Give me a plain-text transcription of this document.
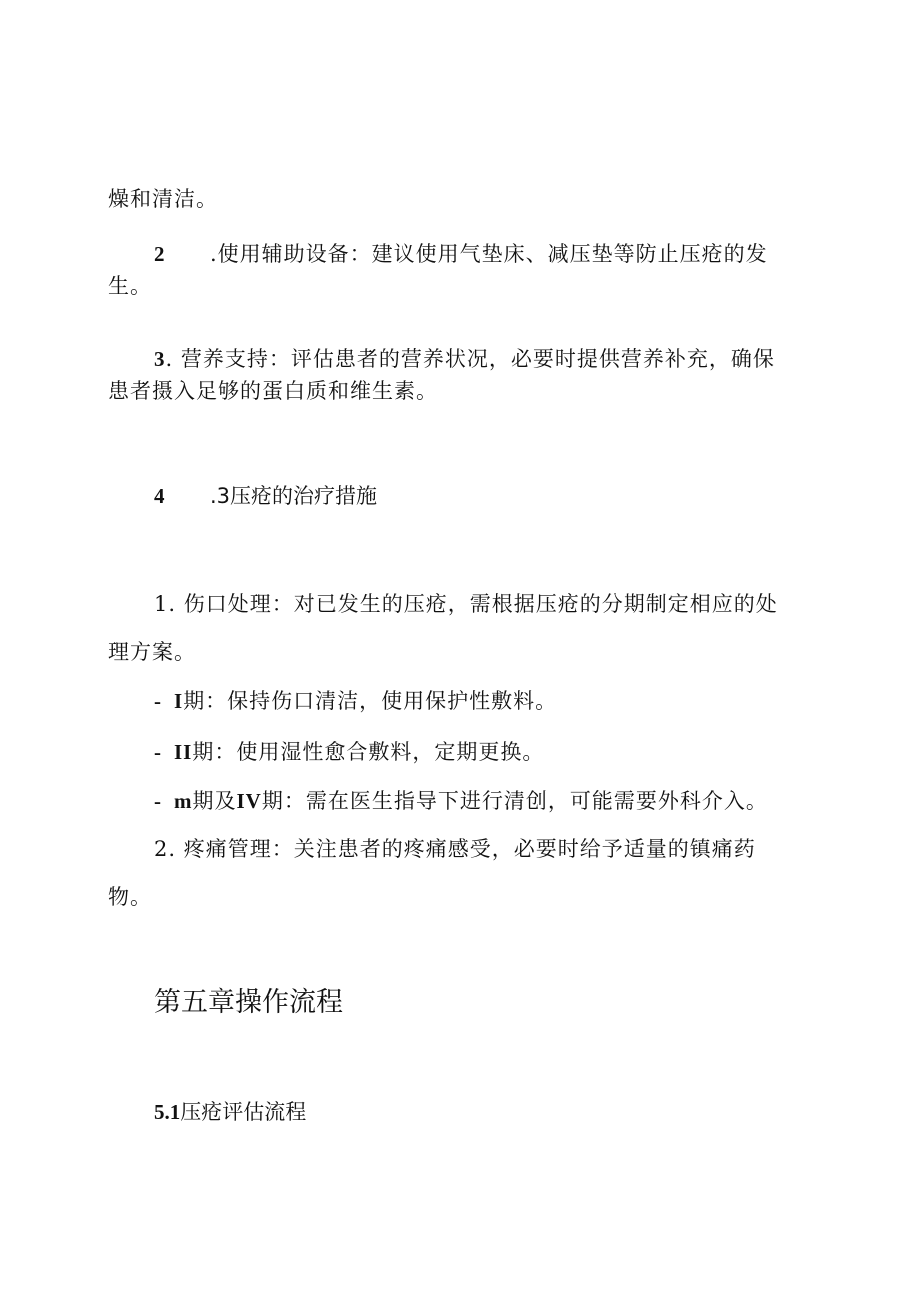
燥和清洁。
2 .使用辅助设备：建议使用气垫床、减压垫等防止压疮的发
生。
3. 营养支持：评估患者的营养状况，必要时提供营养补充，确保
患者摄入足够的蛋白质和维生素。
4 .3压疮的治疗措施
1. 伤口处理：对已发生的压疮，需根据压疮的分期制定相应的处
理方案。
- I期：保持伤口清洁，使用保护性敷料。
- II期：使用湿性愈合敷料，定期更换。
- m期及IV期：需在医生指导下进行清创，可能需要外科介入。
2. 疼痛管理：关注患者的疼痛感受，必要时给予适量的镇痛药
物。
第五章操作流程
5.1压疮评估流程
